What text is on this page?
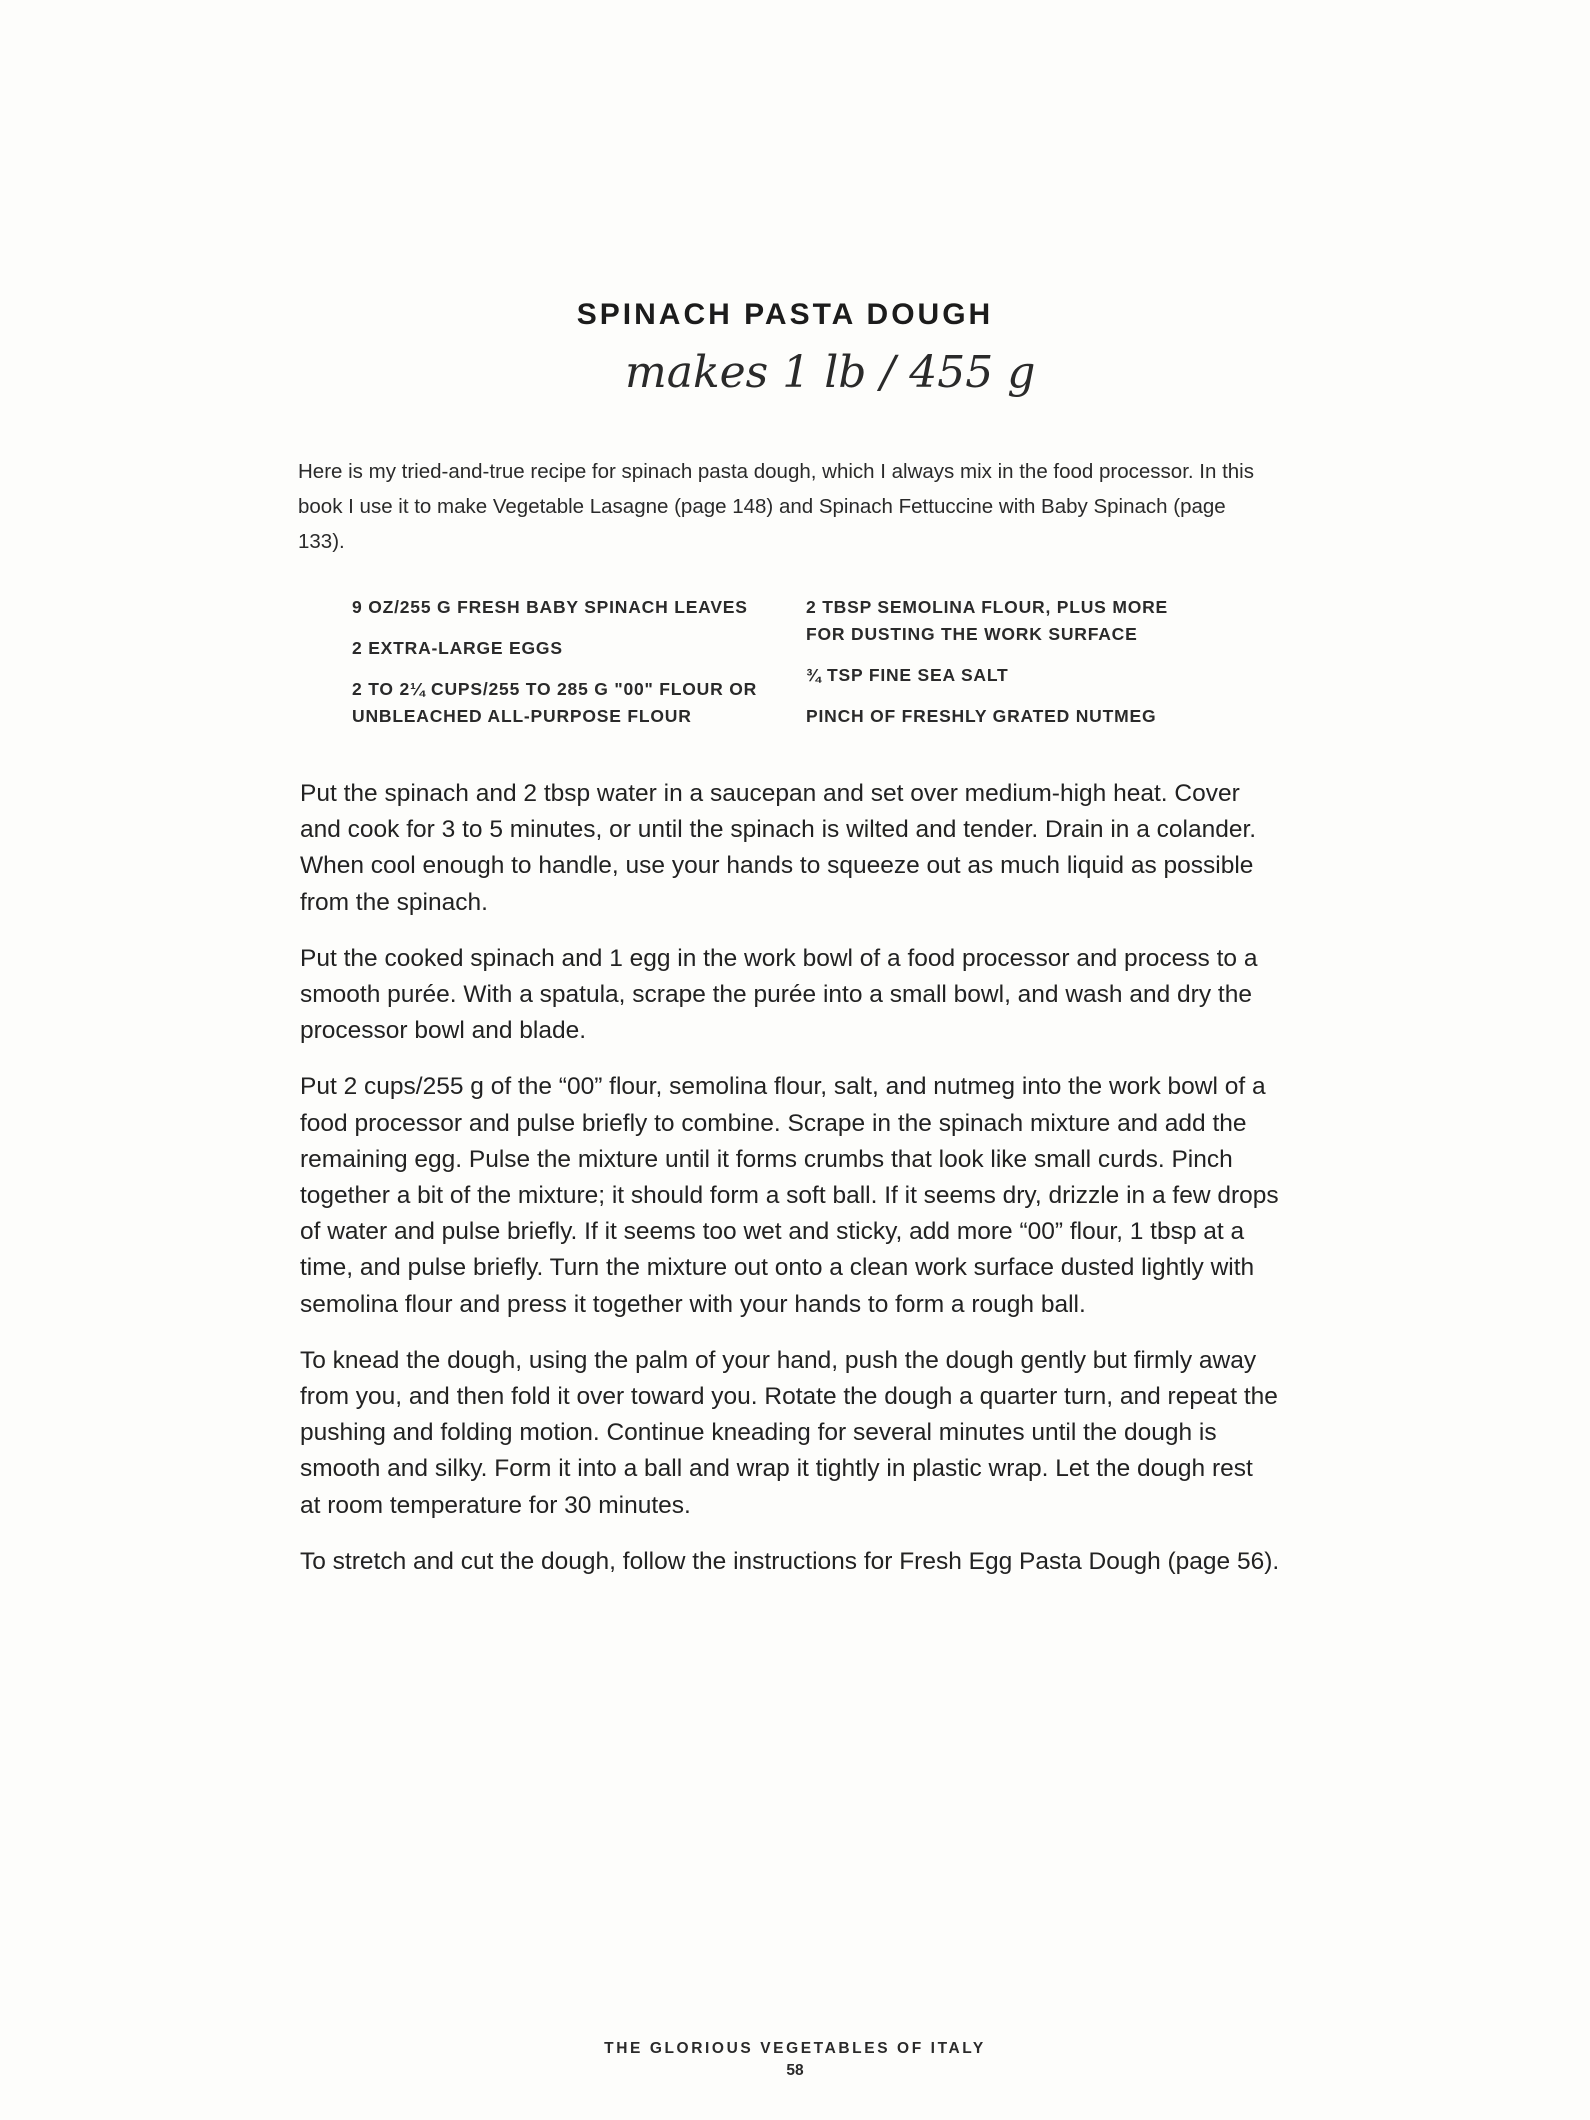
SPINACH PASTA DOUGH
makes 1 lb / 455 g

Here is my tried-and-true recipe for spinach pasta dough, which I always mix in the food processor. In this book I use it to make Vegetable Lasagne (page 148) and Spinach Fettuccine with Baby Spinach (page 133).

9 OZ/255 G FRESH BABY SPINACH LEAVES

2 EXTRA-LARGE EGGS

2 TO 2¼ CUPS/255 TO 285 G "00" FLOUR OR UNBLEACHED ALL-PURPOSE FLOUR

2 TBSP SEMOLINA FLOUR, PLUS MORE FOR DUSTING THE WORK SURFACE

¾ TSP FINE SEA SALT

PINCH OF FRESHLY GRATED NUTMEG

Put the spinach and 2 tbsp water in a saucepan and set over medium-high heat. Cover and cook for 3 to 5 minutes, or until the spinach is wilted and tender. Drain in a colander. When cool enough to handle, use your hands to squeeze out as much liquid as possible from the spinach.

Put the cooked spinach and 1 egg in the work bowl of a food processor and process to a smooth purée. With a spatula, scrape the purée into a small bowl, and wash and dry the processor bowl and blade.

Put 2 cups/255 g of the “00” flour, semolina flour, salt, and nutmeg into the work bowl of a food processor and pulse briefly to combine. Scrape in the spinach mixture and add the remaining egg. Pulse the mixture until it forms crumbs that look like small curds. Pinch together a bit of the mixture; it should form a soft ball. If it seems dry, drizzle in a few drops of water and pulse briefly. If it seems too wet and sticky, add more “00” flour, 1 tbsp at a time, and pulse briefly. Turn the mixture out onto a clean work surface dusted lightly with semolina flour and press it together with your hands to form a rough ball.

To knead the dough, using the palm of your hand, push the dough gently but firmly away from you, and then fold it over toward you. Rotate the dough a quarter turn, and repeat the pushing and folding motion. Continue kneading for several minutes until the dough is smooth and silky. Form it into a ball and wrap it tightly in plastic wrap. Let the dough rest at room temperature for 30 minutes.

To stretch and cut the dough, follow the instructions for Fresh Egg Pasta Dough (page 56).

THE GLORIOUS VEGETABLES OF ITALY

58
